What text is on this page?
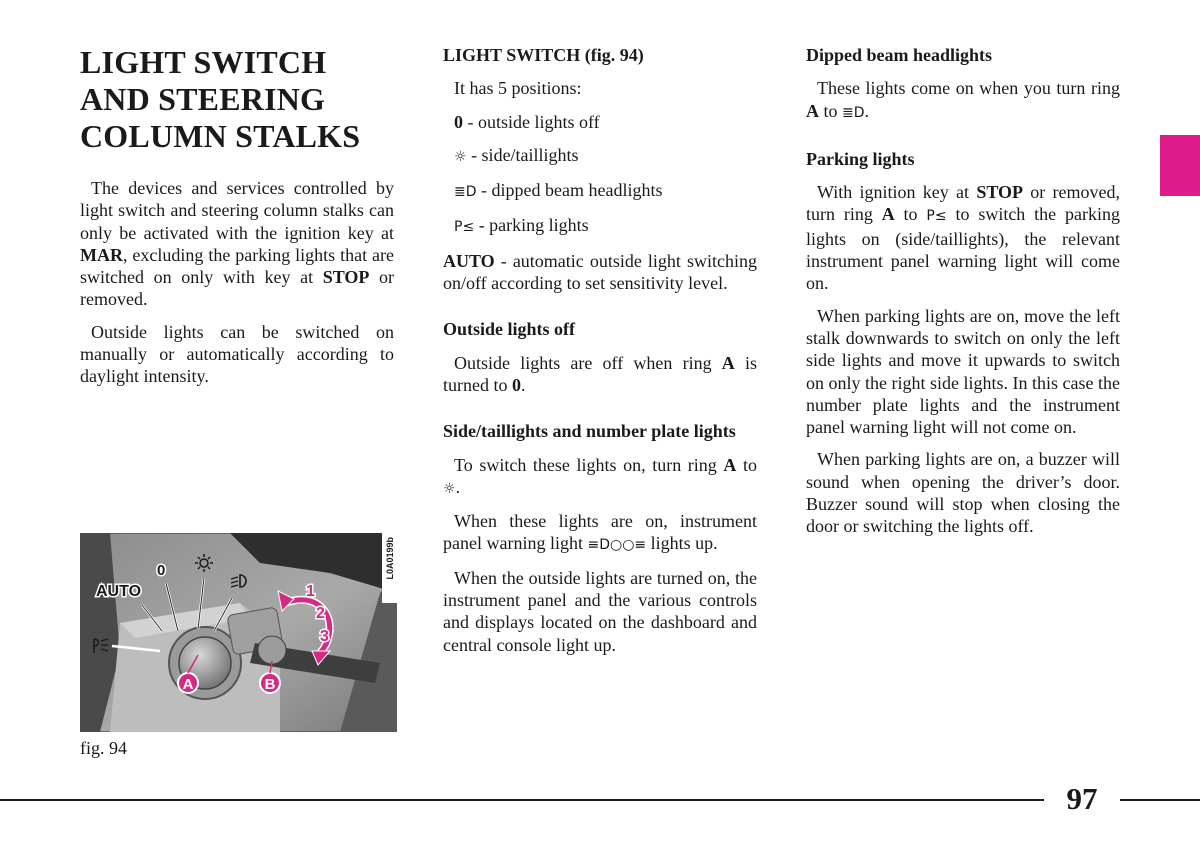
LIGHT SWITCH
AND STEERING
COLUMN STALKS

The devices and services controlled by light switch and steering column stalks can only be activated with the ignition key at MAR, excluding the parking lights that are switched on only with key at STOP or removed.

Outside lights can be switched on manually or automatically according to daylight intensity.

AUTO
0
1
2
3
A	B
L0A0199b
fig. 94
LIGHT SWITCH (fig. 94)
It has 5 positions:
0 - outside lights off
☼ - side/taillights
≣D - dipped beam headlights
P≤ - parking lights

AUTO - automatic outside light switching on/off according to set sensitivity level.

Outside lights off

Outside lights are off when ring A is turned to 0.

Side/taillights and number plate lights

To switch these lights on, turn ring A to ☼.

When these lights are on, instrument panel warning light ≡D○○≡ lights up.

When the outside lights are turned on, the instrument panel and the various controls and displays located on the dashboard and central console light up.

Dipped beam headlights

These lights come on when you turn ring A to ≣D.

Parking lights

With ignition key at STOP or removed, turn ring A to P≤ to switch the parking lights on (side/taillights), the relevant instrument panel warning light will come on.

When parking lights are on, move the left stalk downwards to switch on only the left side lights and move it upwards to switch on only the right side lights. In this case the number plate lights and the instrument panel warning light will not come on.

When parking lights are on, a buzzer will sound when opening the driver’s door. Buzzer sound will stop when closing the door or switching the lights off.

97
